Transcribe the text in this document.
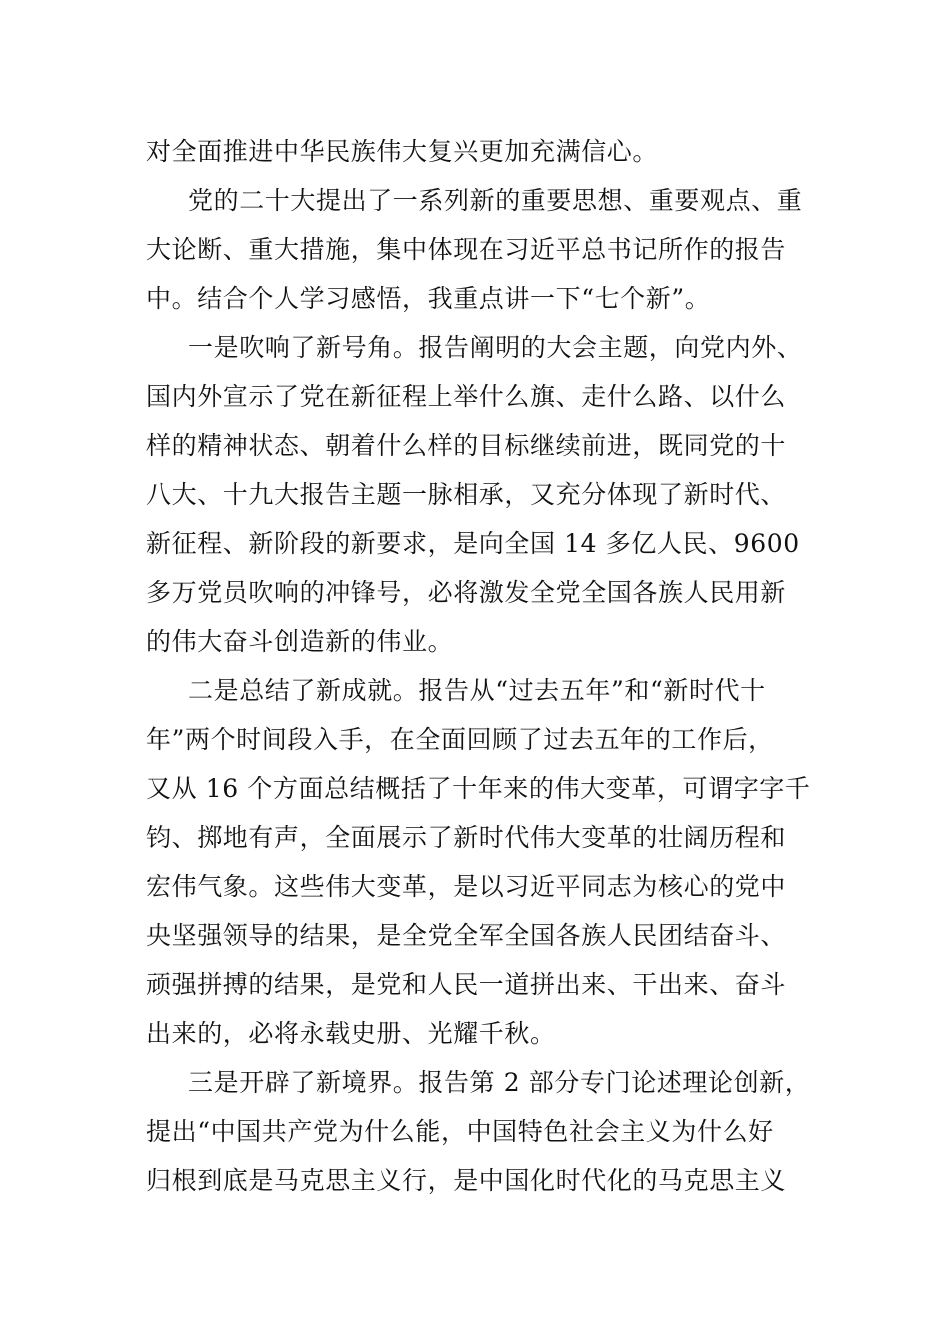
对全面推进中华民族伟大复兴更加充满信心。
党的二十大提出了一系列新的重要思想、重要观点、重
大论断、重大措施，集中体现在习近平总书记所作的报告
中。结合个人学习感悟，我重点讲一下“七个新”。
一是吹响了新号角。报告阐明的大会主题，向党内外、
国内外宣示了党在新征程上举什么旗、走什么路、以什么
样的精神状态、朝着什么样的目标继续前进，既同党的十
八大、十九大报告主题一脉相承，又充分体现了新时代、
新征程、新阶段的新要求，是向全国 14 多亿人民、9600
多万党员吹响的冲锋号，必将激发全党全国各族人民用新
的伟大奋斗创造新的伟业。
二是总结了新成就。报告从“过去五年”和“新时代十
年”两个时间段入手，在全面回顾了过去五年的工作后，
又从 16 个方面总结概括了十年来的伟大变革，可谓字字千
钧、掷地有声，全面展示了新时代伟大变革的壮阔历程和
宏伟气象。这些伟大变革，是以习近平同志为核心的党中
央坚强领导的结果，是全党全军全国各族人民团结奋斗、
顽强拼搏的结果，是党和人民一道拼出来、干出来、奋斗
出来的，必将永载史册、光耀千秋。
三是开辟了新境界。报告第 2 部分专门论述理论创新，
提出“中国共产党为什么能，中国特色社会主义为什么好
归根到底是马克思主义行，是中国化时代化的马克思主义
